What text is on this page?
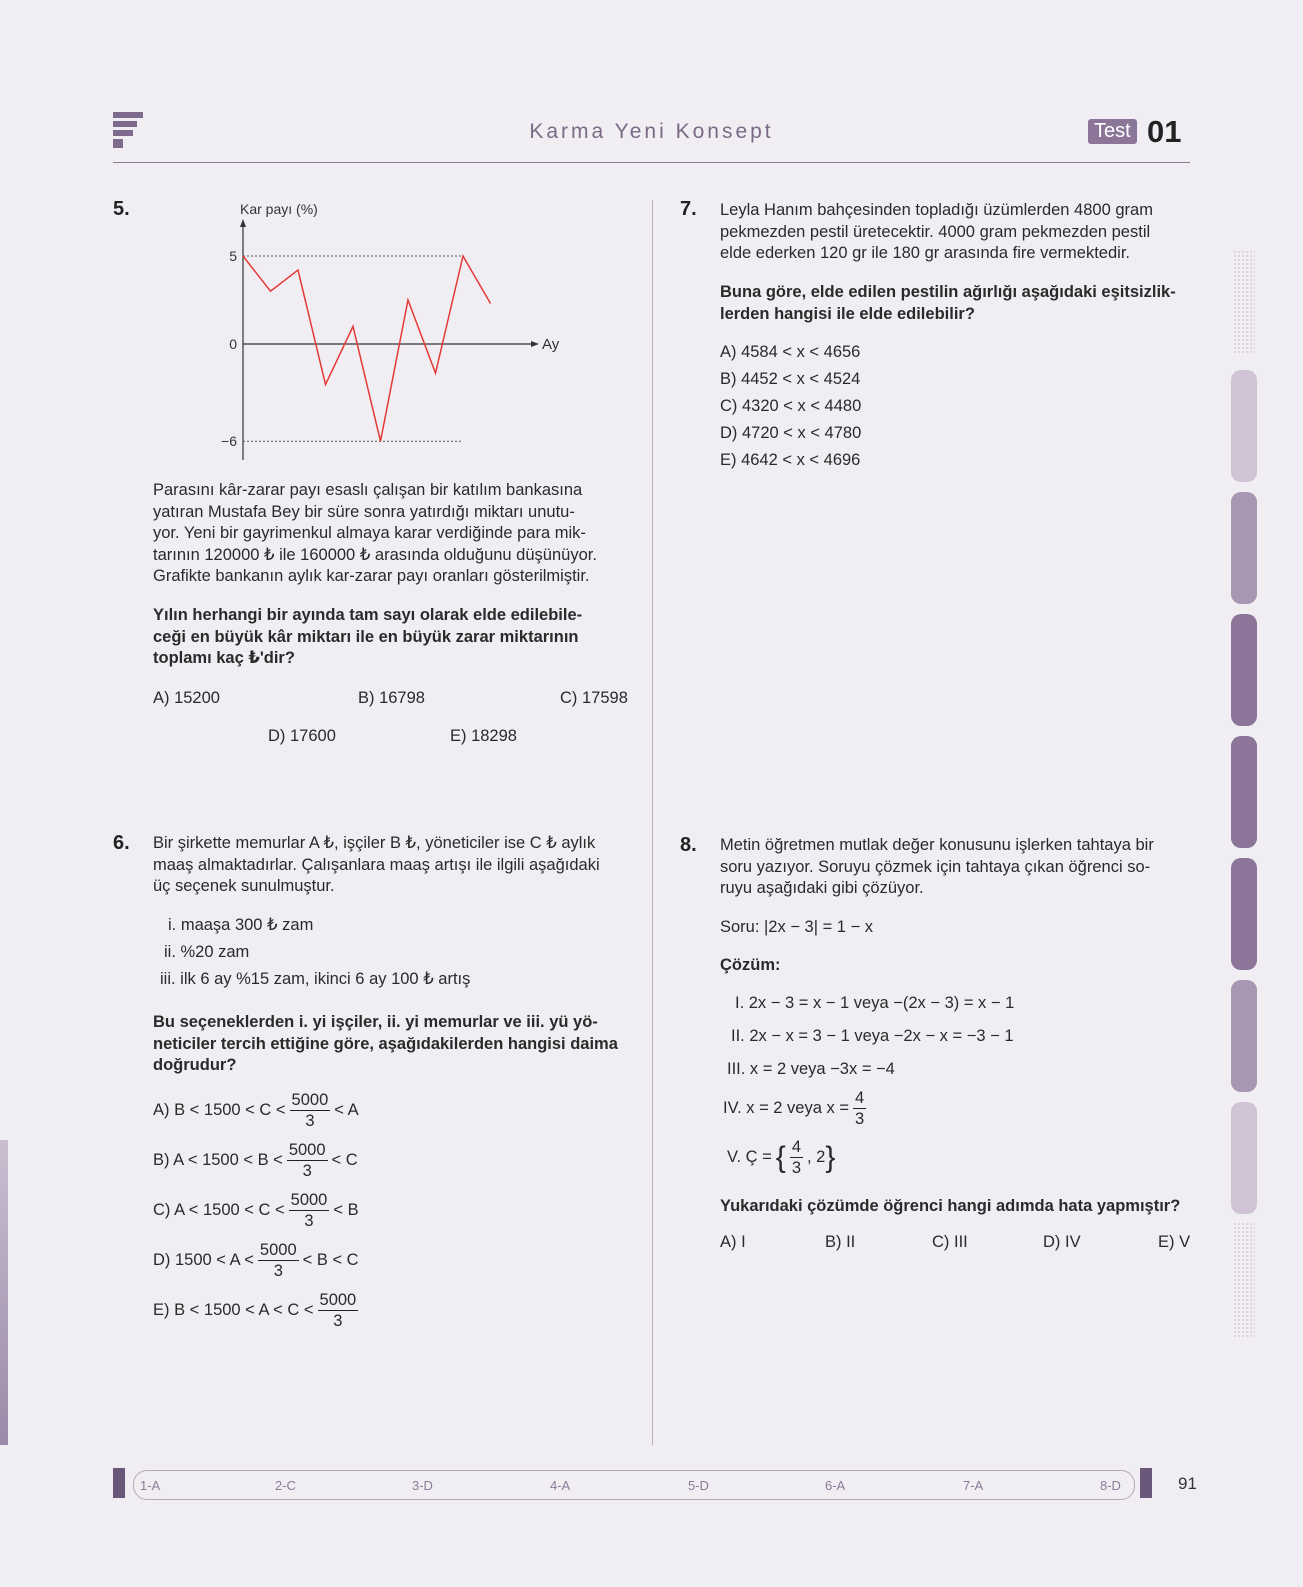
Karma Yeni Konsept	Test 01
5.	Kar payı (%)
Ay
5
0
−6
Parasını kâr-zarar payı esaslı çalışan bir katılım bankasına
yatıran Mustafa Bey bir süre sonra yatırdığı miktarı unutu-
yor. Yeni bir gayrimenkul almaya karar verdiğinde para mik-
tarının 120000 ₺ ile 160000 ₺ arasında olduğunu düşünüyor.
Grafikte bankanın aylık kar-zarar payı oranları gösterilmiştir.
Yılın herhangi bir ayında tam sayı olarak elde edilebile-
ceği en büyük kâr miktarı ile en büyük zarar miktarının
toplamı kaç ₺'dir?
A) 15200	B) 16798	C) 17598
D) 17600	E) 18298
6. Bir şirkette memurlar A ₺, işçiler B ₺, yöneticiler ise C ₺ aylık
maaş almaktadırlar. Çalışanlara maaş artışı ile ilgili aşağıdaki
üç seçenek sunulmuştur.
i. maaşa 300 ₺ zam
ii. %20 zam
iii. ilk 6 ay %15 zam, ikinci 6 ay 100 ₺ artış
Bu seçeneklerden i. yi işçiler, ii. yi memurlar ve iii. yü yö-
neticiler tercih ettiğine göre, aşağıdakilerden hangisi daima
doğrudur?
A) $B < 1500 < C < \frac{5000}{3} < A$
B) $A < 1500 < B < \frac{5000}{3} < C$
C) $A < 1500 < C < \frac{5000}{3} < B$
D) $1500 < A < \frac{5000}{3} < B < C$
E) $B < 1500 < A < C < \frac{5000}{3}$
7. Leyla Hanım bahçesinden topladığı üzümlerden 4800 gram
pekmezden pestil üretecektir. 4000 gram pekmezden pestil
elde ederken 120 gr ile 180 gr arasında fire vermektedir.
Buna göre, elde edilen pestilin ağırlığı aşağıdaki eşitsizlik-
lerden hangisi ile elde edilebilir?
A) 4584 < x < 4656
B) 4452 < x < 4524
C) 4320 < x < 4480
D) 4720 < x < 4780
E) 4642 < x < 4696
8. Metin öğretmen mutlak değer konusunu işlerken tahtaya bir
soru yazıyor. Soruyu çözmek için tahtaya çıkan öğrenci so-
ruyu aşağıdaki gibi çözüyor.
Soru: |2x − 3| = 1 − x
Çözüm:
I. 2x − 3 = x − 1 veya −(2x − 3) = x − 1
II. 2x − x = 3 − 1 veya −2x − x = −3 − 1
III. x = 2 veya −3x = −4
IV. x = 2 veya $x = \frac{4}{3}$
V. Ç = { $\frac{4}{3}$ , 2}
Yukarıdaki çözümde öğrenci hangi adımda hata yapmıştır?
A) I	B) II	C) III	D) IV	E) V
1-A	2-C	3-D	4-A	5-D	6-A	7-A	8-D	91
